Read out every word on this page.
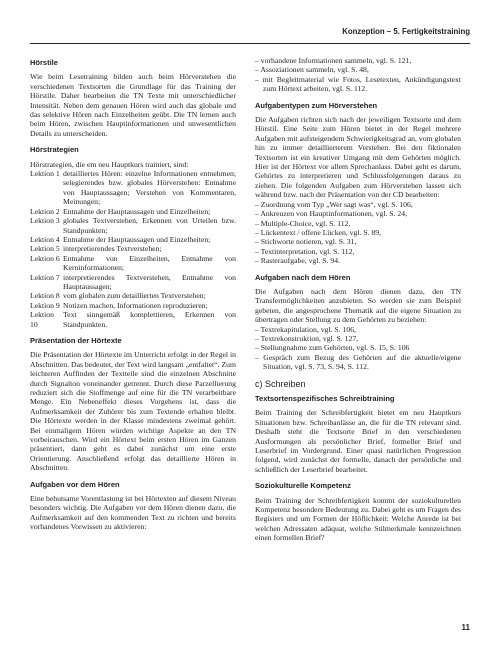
Konzeption – 5. Fertigkeitstraining
Hörstile

Wie beim Lesetraining bilden auch beim Hörverstehen die verschiedenen Textsorten die Grundlage für das Training der Hörstile. Daher bearbeiten die TN Texte mit unterschiedlicher Intensität. Neben dem genauen Hören wird auch das globale und das selektive Hören nach Einzelheiten geübt. Die TN lernen auch beim Hören, zwischen Hauptinformationen und unwesentlichen Details zu unterscheiden.

Hörstrategien
Hörstrategien, die em neu Hauptkurs trainiert, sind:
Lektion 1 detailliertes Hören: einzelne Informationen entnehmen; selegierendes bzw. globales Hörverstehen: Entnahme von Hauptaussagen; Verstehen von Kommentaren, Meinungen;
Lektion 2 Entnahme der Hauptaussagen und Einzelheiten;
Lektion 3 globales Textverstehen, Erkennen von Urteilen bzw. Standpunkten;
Lektion 4 Entnahme der Hauptaussagen und Einzelheiten;
Lektion 5 interpretierendes Textverstehen;
Lektion 6 Entnahme von Einzelheiten, Entnahme von Kerninformationen;
Lektion 7 interpretierendes Textverstehen, Entnahme von Hauptaussagen;
Lektion 8 vom globalen zum detaillierten Textverstehen;
Lektion 9 Notizen machen, Informationen reproduzieren;
Lektion 10
Text sinngemäß komplettieren, Erkennen von Standpunkten.
Präsentation der Hörtexte

Die Präsentation der Hörtexte im Unterricht erfolgt in der Regel in Abschnitten. Das bedeutet, der Text wird langsam „entfaltet“. Zum leichteren Auffinden der Textteile sind die einzelnen Abschnitte durch Signalton voneinander getrennt. Durch diese Parzellierung reduziert sich die Stoffmenge auf eine für die TN verarbeitbare Menge. Ein Nebeneffekt dieses Vorgehens ist, dass die Aufmerksamkeit der Zuhörer bis zum Textende erhalten bleibt. Die Hörtexte werden in der Klasse mindestens zweimal gehört. Bei einmaligem Hören würden wichtige Aspekte an den TN vorbeirauschen. Wird ein Hörtext beim ersten Hören im Ganzen präsentiert, dann geht es dabei zunächst um eine erste Orientierung. Anschließend erfolgt das detaillierte Hören in Abschnitten.

Aufgaben vor dem Hören

Eine behutsame Vorentlastung ist bei Hörtexten auf diesem Niveau besonders wichtig. Die Aufgaben vor dem Hören dienen dazu, die Aufmerksamkeit auf den kommenden Text zu richten und bereits vorhandenes Vorwissen zu aktivieren:

– vorhandene Informationen sammeln, vgl. S. 121,
– Assoziationen sammeln, vgl. S. 48,
– mit Begleitmaterial wie Fotos, Lesetexten, Ankündigungstext zum Hörtext arbeiten, vgl. S. 112.
Aufgabentypen zum Hörverstehen
Die Aufgaben richten sich nach der jeweiligen Textsorte und dem Hörstil. Eine Seite zum Hören bietet in der Regel mehrere Aufgaben mit aufsteigendem Schwierigkeitsgrad an, vom globalen hin zu immer detaillierterem Verstehen. Bei den fiktionalen Textsorten ist ein kreativer Umgang mit dem Gehörten möglich. Hier ist der Hörtext vor allem Sprechanlass. Dabei geht es darum, Gehörtes zu interpretieren und Schlussfolgerungen daraus zu ziehen. Die folgenden Aufgaben zum Hörverstehen lassen sich während bzw. nach der Präsentation von der CD bearbeiten:
– Zuordnung vom Typ „Wer sagt was“, vgl. S. 106,
– Ankreuzen von Hauptinformationen, vgl. S. 24,
– Multiple-Choice, vgl. S. 112,
– Lückentext / offene Lücken, vgl. S. 89,
– Stichworte notieren, vgl. S. 31,
– Textinterpretation, vgl. S. 112,
– Rasteraufgabe, vgl. S. 94.
Aufgaben nach dem Hören
Die Aufgaben nach dem Hören dienen dazu, den TN Transfermöglichkeiten anzubieten. So werden sie zum Beispiel gebeten, die angesprochene Thematik auf die eigene Situation zu übertragen oder Stellung zu dem Gehörten zu beziehen:
– Textrekapitulation, vgl. S. 106,
– Textrekonstruktion, vgl. S. 127,
– Stellungnahme zum Gehörten, vgl. S. 15, S. 106
– Gespräch zum Bezug des Gehörten auf die aktuelle/eigene Situation, vgl. S. 73, S. 94, S. 112.
c) Schreiben
Textsortenspezifisches Schreibtraining

Beim Training der Schreibfertigkeit bietet em neu Hauptkurs Situationen bzw. Schreibanlässe an, die für die TN relevant sind. Deshalb steht die Textsorte Brief in den verschiedenen Ausformungen als persönlicher Brief, formeller Brief und Leserbrief im Vordergrund. Einer quasi natürlichen Progression folgend, wird zunächst der formelle, danach der persönliche und schließlich der Leserbrief bearbeitet.

Soziokulturelle Kompetenz

Beim Training der Schreibfertigkeit kommt der soziokulturellen Kompetenz besondere Bedeutung zu. Dabei geht es um Fragen des Registers und um Formen der Höflichkeit: Welche Anrede ist bei welchen Adressaten adäquat, welche Stilmerkmale kennzeichnen einen formellen Brief?

11
